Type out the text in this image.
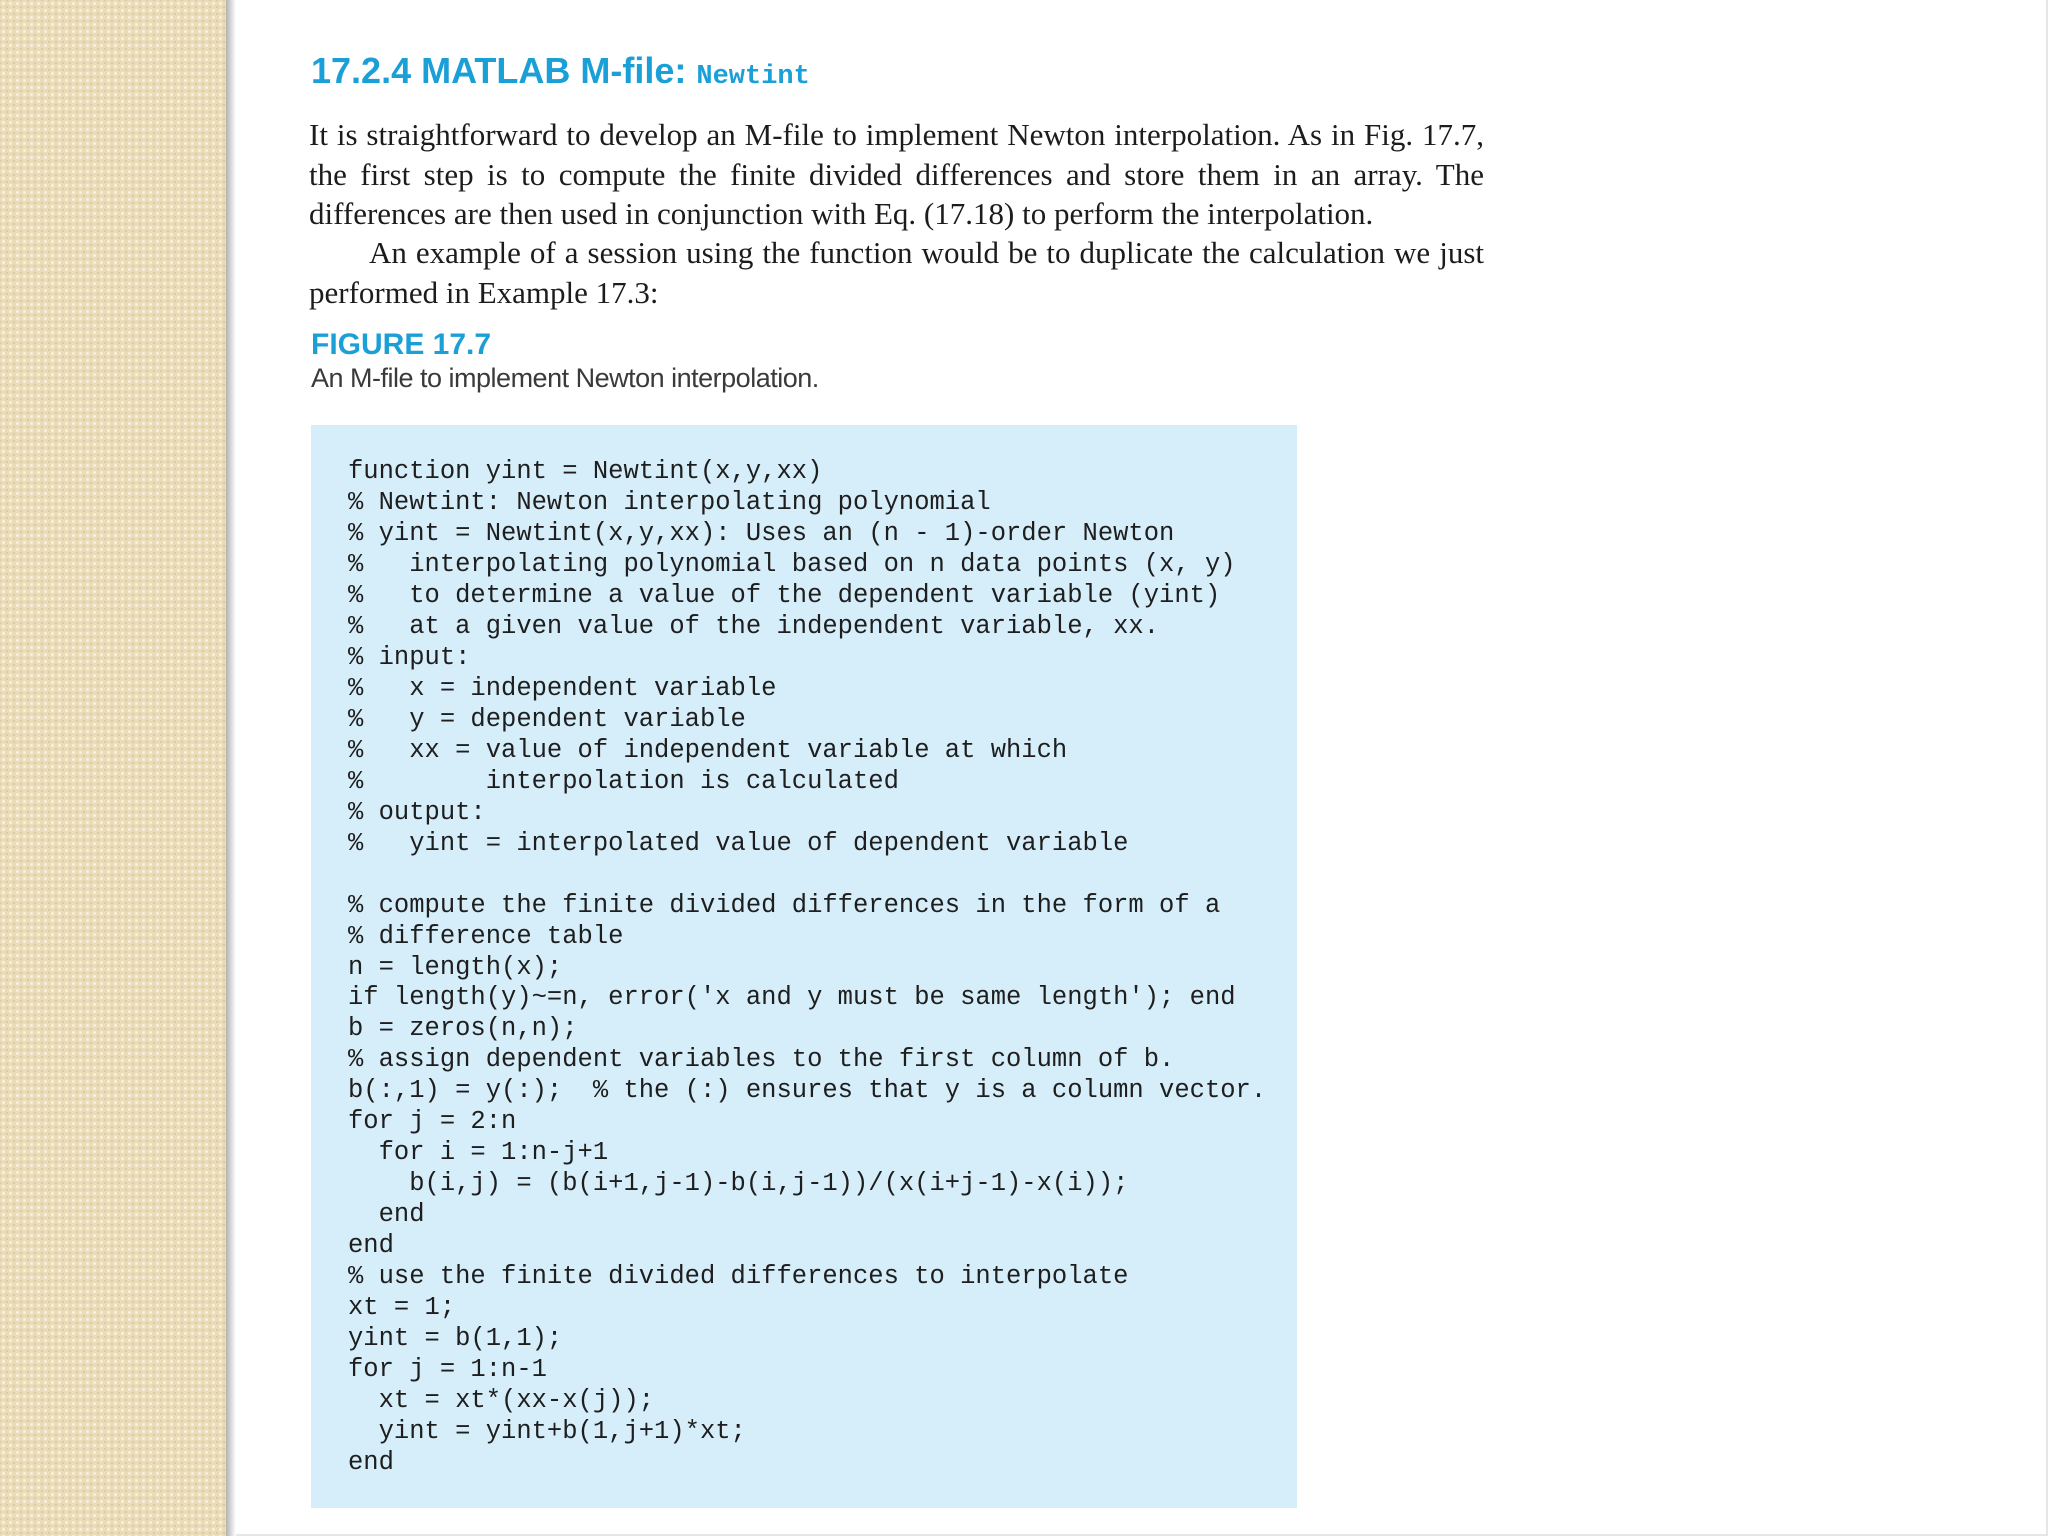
17.2.4 MATLAB M-file: Newtint

It is straightforward to develop an M-file to implement Newton interpolation. As in Fig. 17.7, the first step is to compute the finite divided differences and store them in an array. The differences are then used in conjunction with Eq. (17.18) to perform the interpolation.

An example of a session using the function would be to duplicate the calculation we just performed in Example 17.3:

FIGURE 17.7
An M-file to implement Newton interpolation.
function yint = Newtint(x,y,xx)
% Newtint: Newton interpolating polynomial
% yint = Newtint(x,y,xx): Uses an (n - 1)-order Newton
%   interpolating polynomial based on n data points (x, y)
%   to determine a value of the dependent variable (yint)
%   at a given value of the independent variable, xx.
% input:
%   x = independent variable
%   y = dependent variable
%   xx = value of independent variable at which
%        interpolation is calculated
% output:
%   yint = interpolated value of dependent variable
% compute the finite divided differences in the form of a
% difference table
n = length(x);
if length(y)~=n, error('x and y must be same length'); end
b = zeros(n,n);
% assign dependent variables to the first column of b.
b(:,1) = y(:);  % the (:) ensures that y is a column vector.
for j = 2:n
for i = 1:n-j+1
b(i,j) = (b(i+1,j-1)-b(i,j-1))/(x(i+j-1)-x(i));
end
end
% use the finite divided differences to interpolate
xt = 1;
yint = b(1,1);
for j = 1:n-1
xt = xt*(xx-x(j));
yint = yint+b(1,j+1)*xt;
end
